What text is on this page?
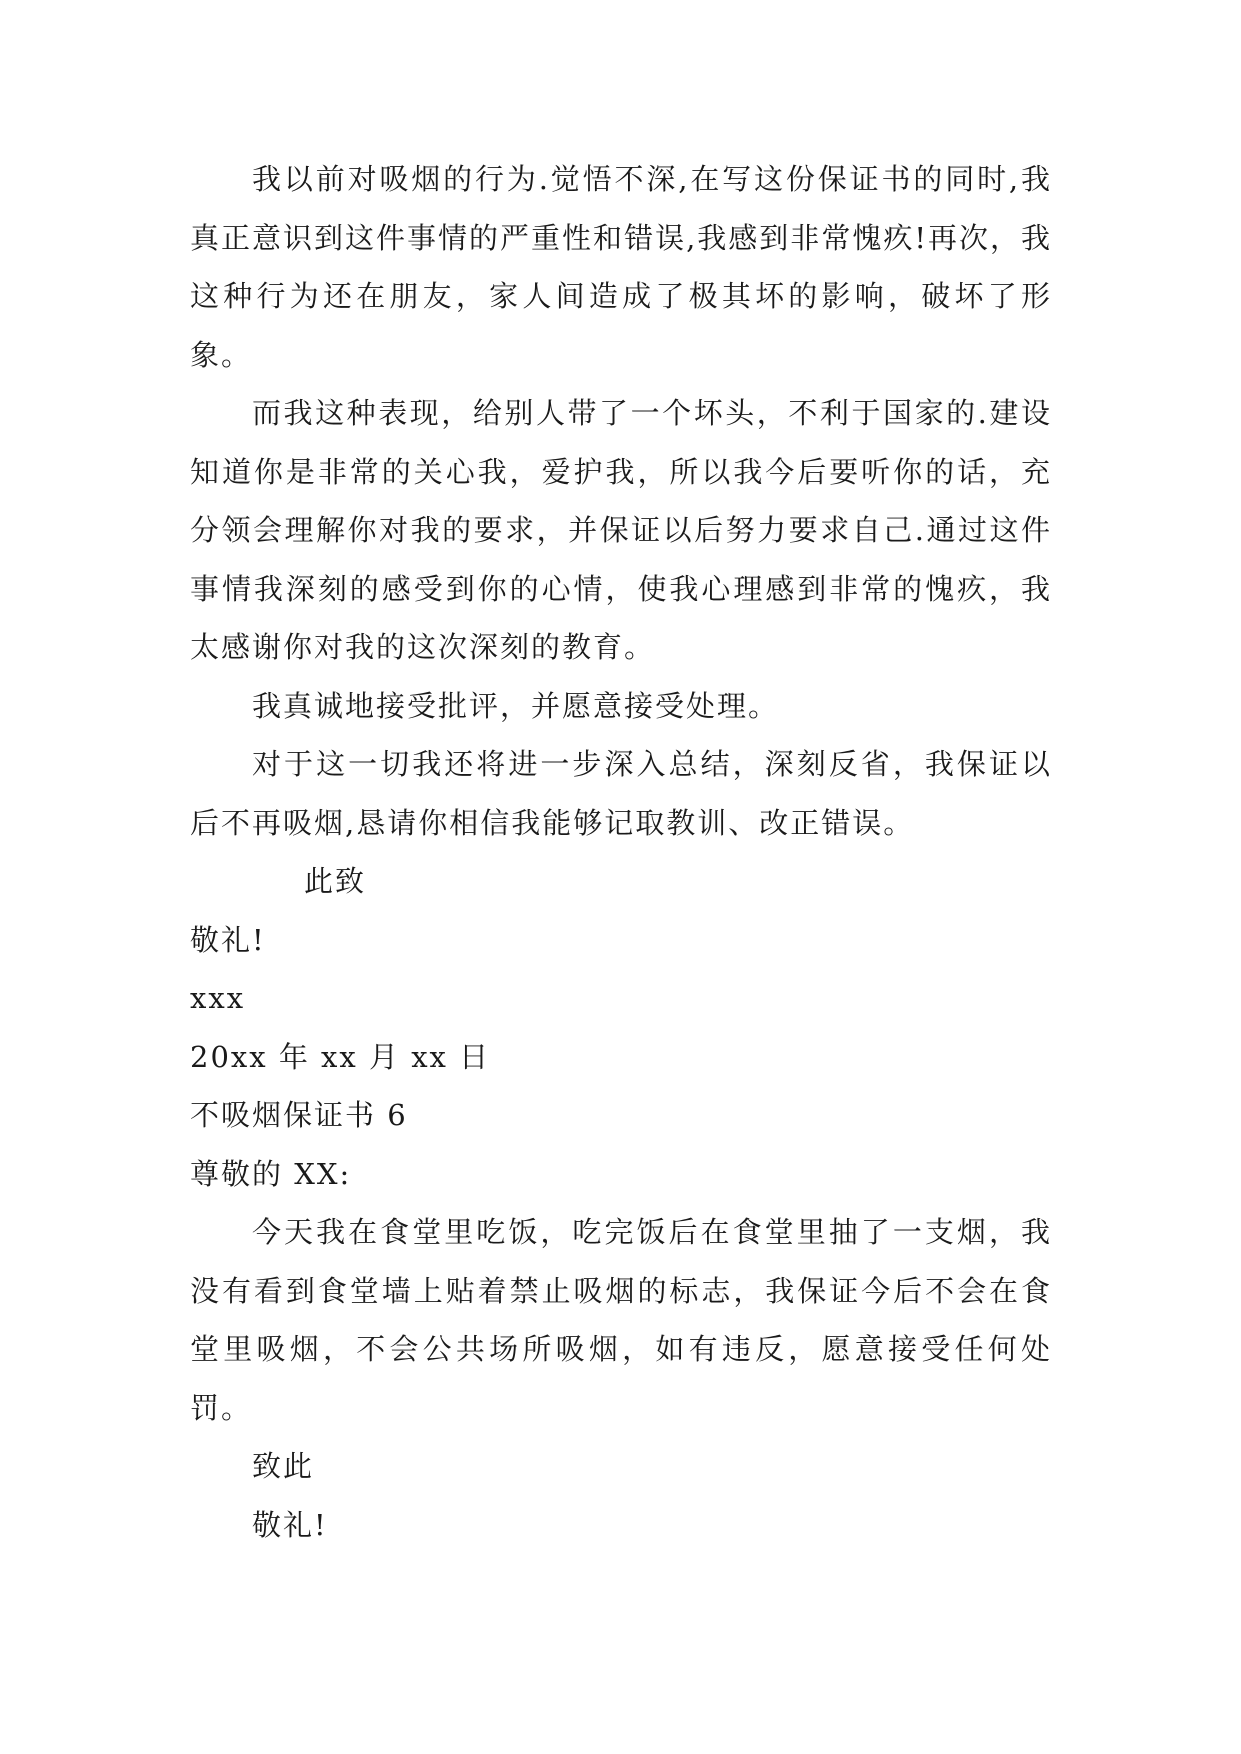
我以前对吸烟的行为.觉悟不深,在写这份保证书的同时,我真正意识到这件事情的严重性和错误,我感到非常愧疚!再次，我这种行为还在朋友，家人间造成了极其坏的影响，破坏了形象。

而我这种表现，给别人带了一个坏头，不利于国家的.建设 知道你是非常的关心我，爱护我，所以我今后要听你的话，充分领会理解你对我的要求，并保证以后努力要求自己.通过这件事情我深刻的感受到你的心情，使我心理感到非常的愧疚，我太感谢你对我的这次深刻的教育。

我真诚地接受批评，并愿意接受处理。

对于这一切我还将进一步深入总结，深刻反省，我保证以后不再吸烟,恳请你相信我能够记取教训、改正错误。

此致

敬礼!

xxx

20xx 年 xx 月 xx 日

不吸烟保证书 6

尊敬的 XX:

今天我在食堂里吃饭，吃完饭后在食堂里抽了一支烟，我没有看到食堂墙上贴着禁止吸烟的标志，我保证今后不会在食堂里吸烟，不会公共场所吸烟，如有违反，愿意接受任何处罚。

致此

敬礼!
